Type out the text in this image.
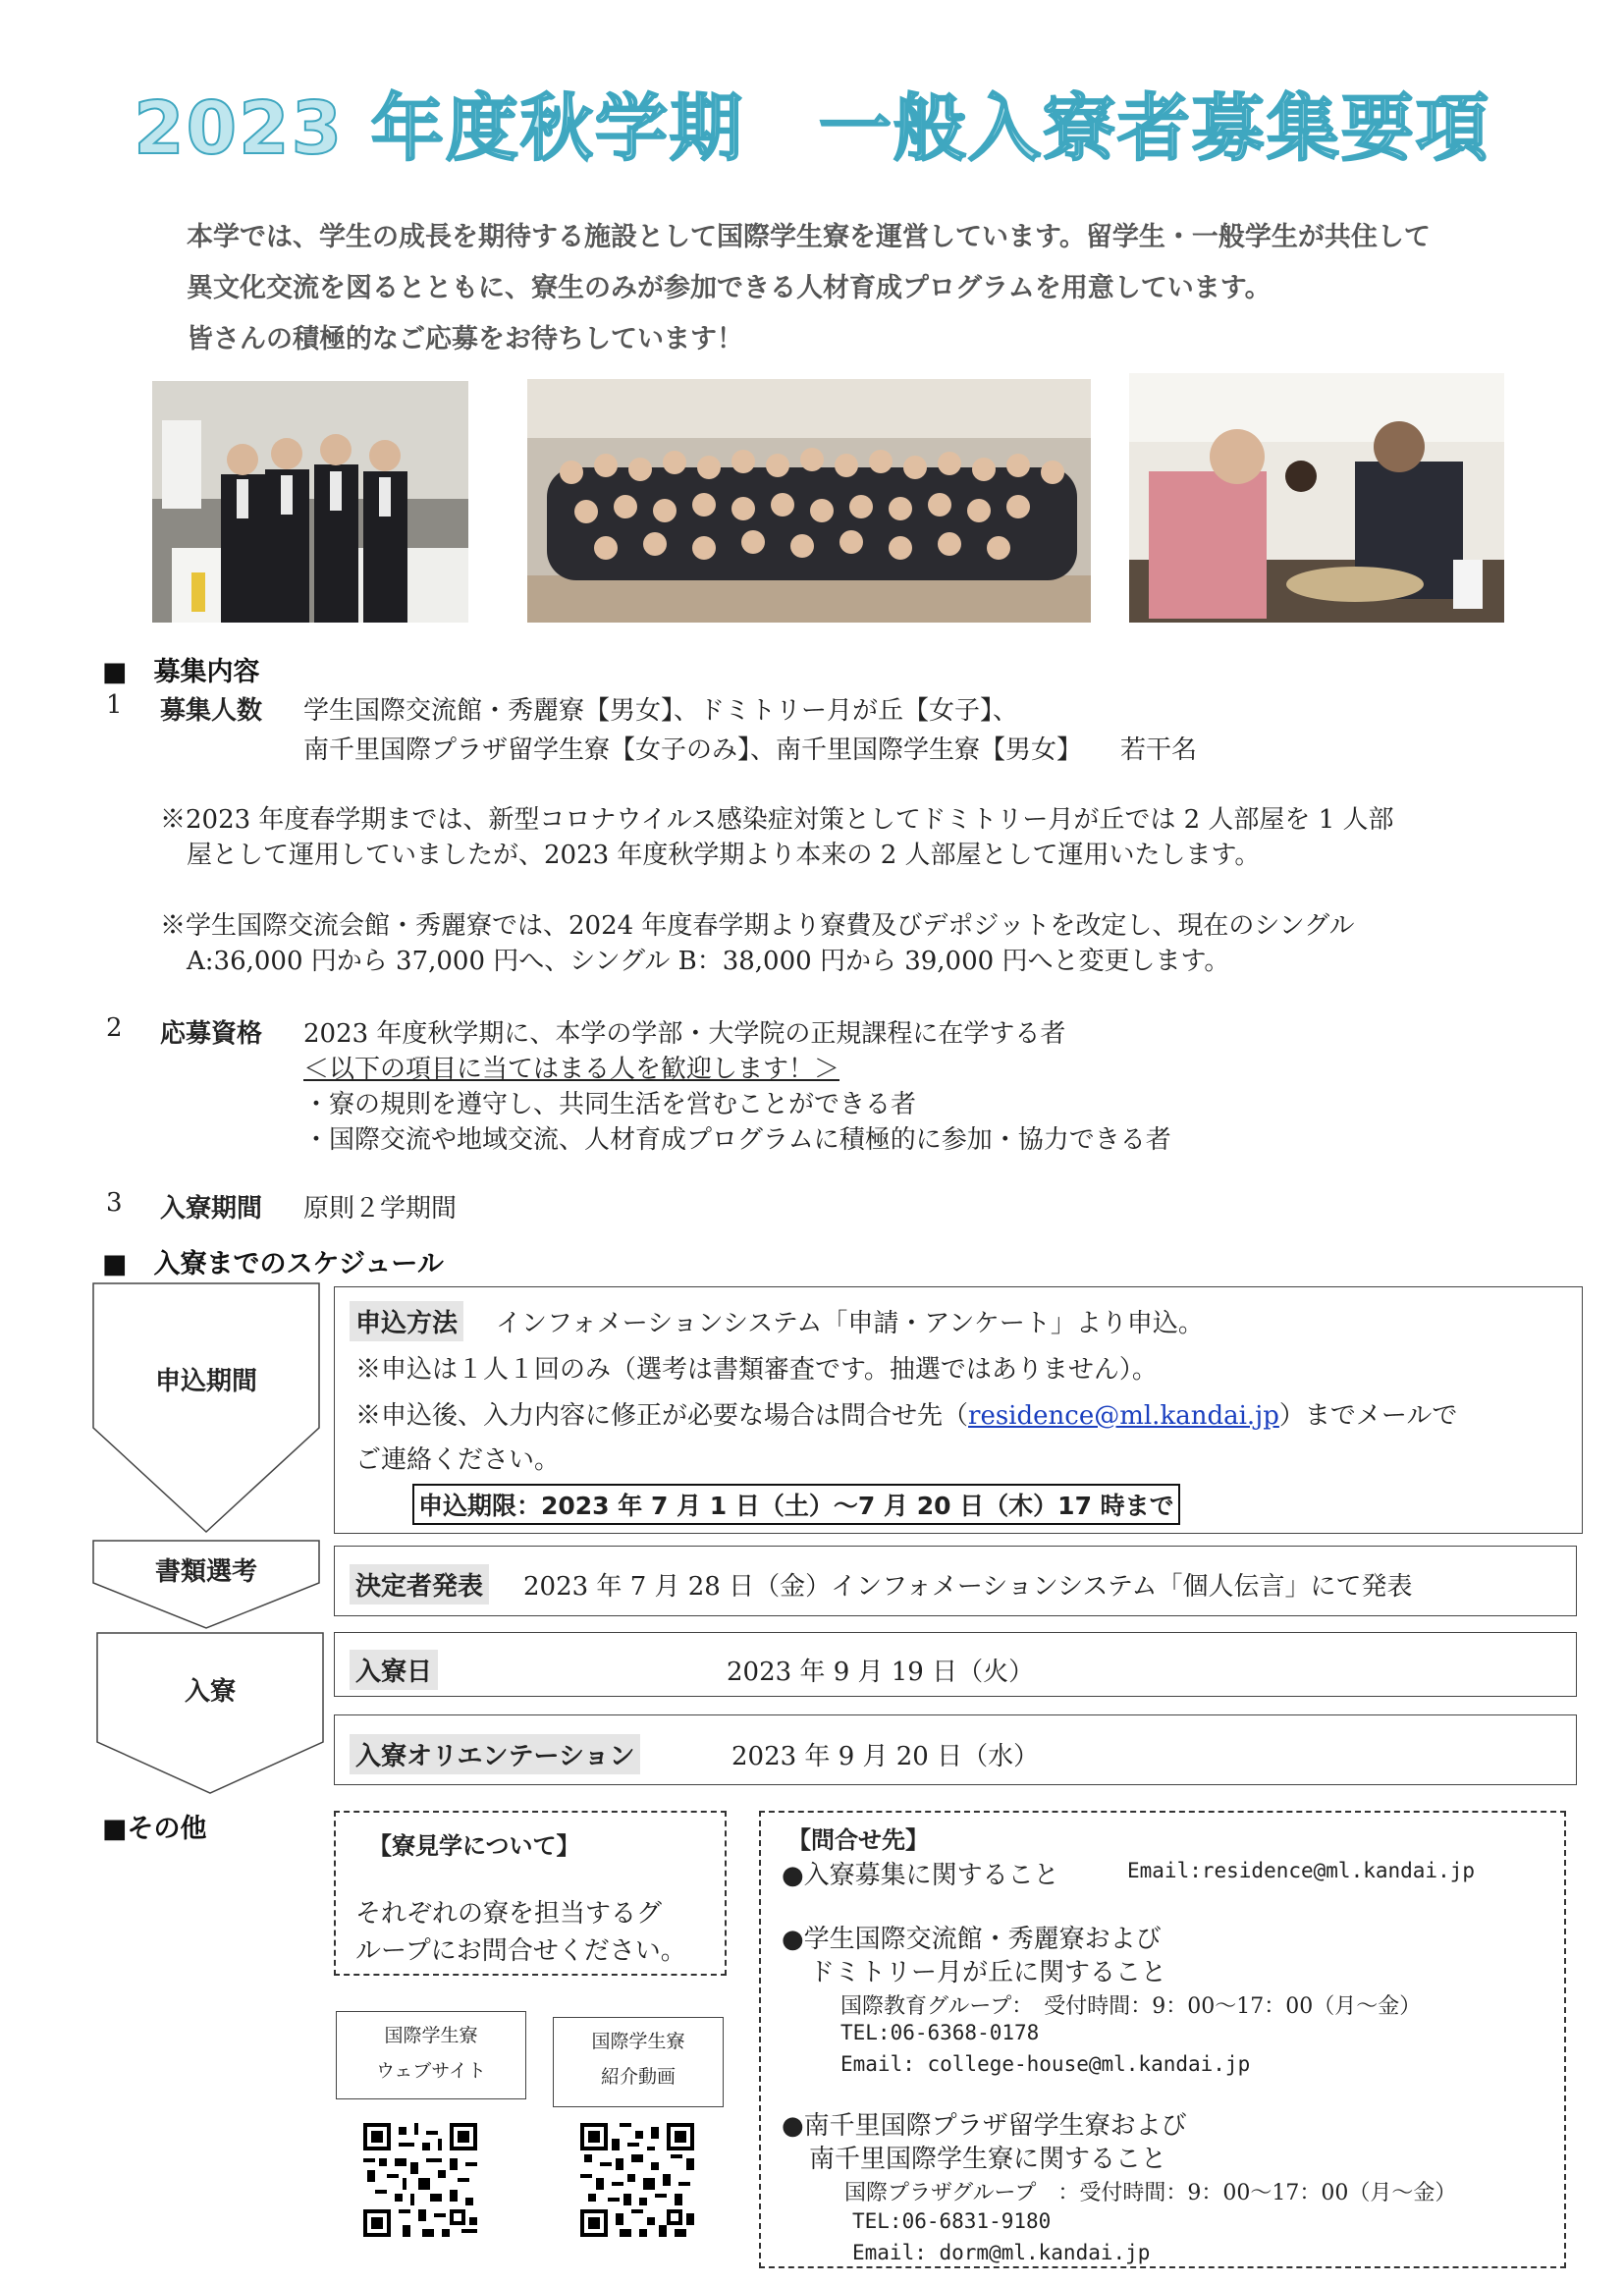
2023 年度秋学期　一般入寮者募集要項
本学では、学生の成長を期待する施設として国際学生寮を運営しています。留学生・一般学生が共住して
異文化交流を図るとともに、寮生のみが参加できる人材育成プログラムを用意しています。
皆さんの積極的なご応募をお待ちしています！
■　募集内容
1 募集人数 学生国際交流館・秀麗寮【男女】、ドミトリー月が丘【女子】、
南千里国際プラザ留学生寮【女子のみ】、南千里国際学生寮【男女】　　若干名
※2023 年度春学期までは、新型コロナウイルス感染症対策としてドミトリー月が丘では 2 人部屋を 1 人部
屋として運用していましたが、2023 年度秋学期より本来の 2 人部屋として運用いたします。
※学生国際交流会館・秀麗寮では、2024 年度春学期より寮費及びデポジットを改定し、現在のシングル
A:36,000 円から 37,000 円へ、シングル B：38,000 円から 39,000 円へと変更します。
2 応募資格 2023 年度秋学期に、本学の学部・大学院の正規課程に在学する者
＜以下の項目に当てはまる人を歓迎します！＞
・寮の規則を遵守し、共同生活を営むことができる者
・国際交流や地域交流、人材育成プログラムに積極的に参加・協力できる者
3 入寮期間 原則２学期間
■　入寮までのスケジュール
申込期間
書類選考
入寮
申込方法 インフォメーションシステム「申請・アンケート」より申込。
※申込は１人１回のみ（選考は書類審査です。抽選ではありません）。
※申込後、入力内容に修正が必要な場合は問合せ先（residence@ml.kandai.jp）までメールで
ご連絡ください。
申込期限：2023 年 7 月 1 日（土）〜7 月 20 日（木）17 時まで
決定者発表 2023 年 7 月 28 日（金）インフォメーションシステム「個人伝言」にて発表
入寮日	2023 年 9 月 19 日（火）
入寮オリエンテーション	2023 年 9 月 20 日（水）
■その他
【寮見学について】
それぞれの寮を担当するグ
ループにお問合せください。
国際学生寮
ウェブサイト
国際学生寮
紹介動画
【問合せ先】
●入寮募集に関すること	Email:residence@ml.kandai.jp
●学生国際交流館・秀麗寮および
ドミトリー月が丘に関すること
国際教育グループ：　受付時間：9：00〜17：00（月〜金）
TEL:06-6368-0178
Email: college-house@ml.kandai.jp
●南千里国際プラザ留学生寮および
南千里国際学生寮に関すること
国際プラザグループ　：受付時間：9：00〜17：00（月〜金）
TEL:06-6831-9180
Email: dorm@ml.kandai.jp
